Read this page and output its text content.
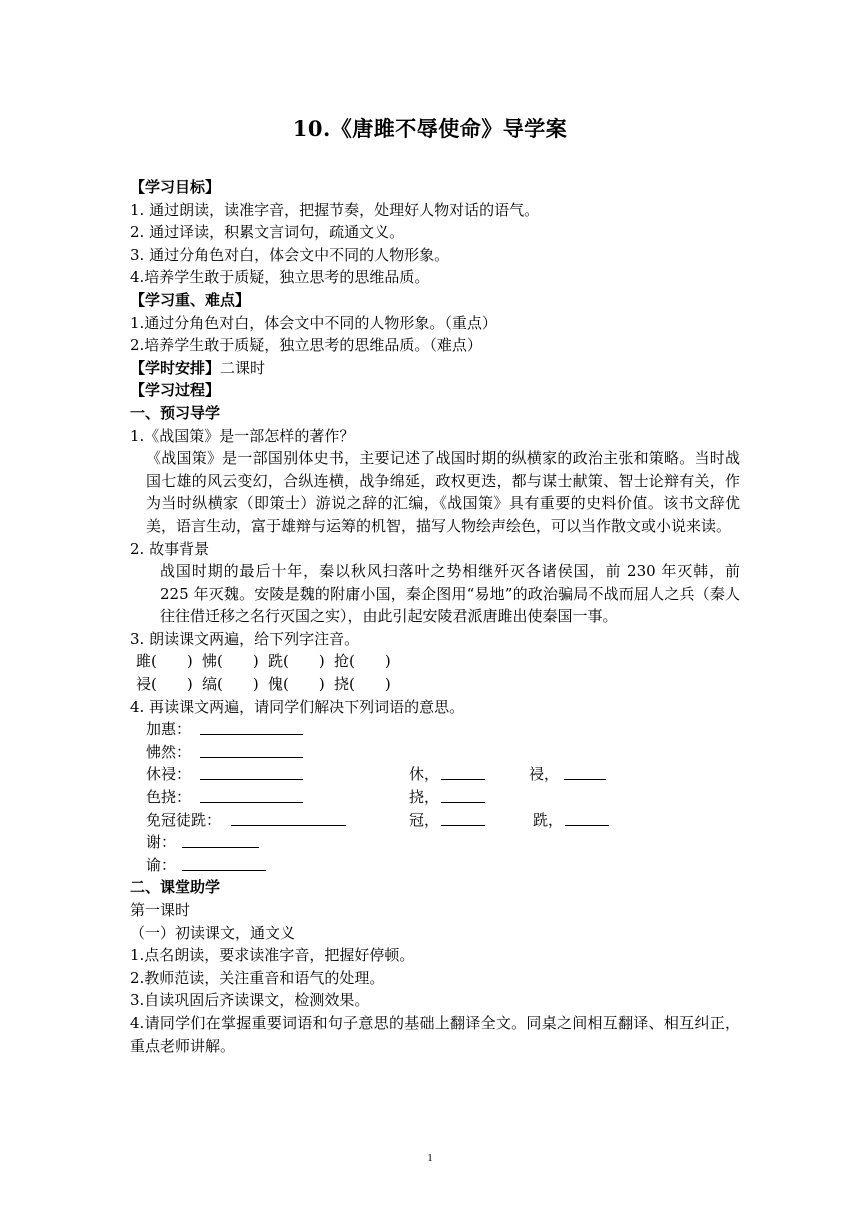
10.《唐雎不辱使命》导学案
【学习目标】
1. 通过朗读，读准字音，把握节奏，处理好人物对话的语气。
2. 通过译读，积累文言词句，疏通文义。
3. 通过分角色对白，体会文中不同的人物形象。
4.培养学生敢于质疑，独立思考的思维品质。
【学习重、难点】
1.通过分角色对白，体会文中不同的人物形象。（重点）
2.培养学生敢于质疑，独立思考的思维品质。（难点）
【学时安排】二课时
【学习过程】
一、预习导学
1.《战国策》是一部怎样的著作？
《战国策》是一部国别体史书，主要记述了战国时期的纵横家的政治主张和策略。当时战国七雄的风云变幻，合纵连横，战争绵延，政权更迭，都与谋士献策、智士论辩有关，作为当时纵横家（即策士）游说之辞的汇编，《战国策》具有重要的史料价值。该书文辞优美，语言生动，富于雄辩与运筹的机智，描写人物绘声绘色，可以当作散文或小说来读。
2. 故事背景
战国时期的最后十年，秦以秋风扫落叶之势相继歼灭各诸侯国，前 230 年灭韩，前 225 年灭魏。安陵是魏的附庸小国，秦企图用“易地”的政治骗局不战而屈人之兵（秦人往往借迁移之名行灭国之实），由此引起安陵君派唐雎出使秦国一事。
3. 朗读课文两遍，给下列字注音。
雎(　　) 怫(　　) 跣(　　) 抢(　　)
祲(　　) 缟(　　) 傀(　　) 挠(　　)
4. 再读课文两遍，请同学们解决下列词语的意思。
加惠：
怫然：
休祲：	休，	祲，
色挠：	挠，
免冠徒跣：	冠，	跣，
谢：
谕：
二、课堂助学
第一课时
（一）初读课文，通文义
1.点名朗读，要求读准字音，把握好停顿。
2.教师范读，关注重音和语气的处理。
3.自读巩固后齐读课文，检测效果。
4.请同学们在掌握重要词语和句子意思的基础上翻译全文。同桌之间相互翻译、相互纠正，重点老师讲解。
1
